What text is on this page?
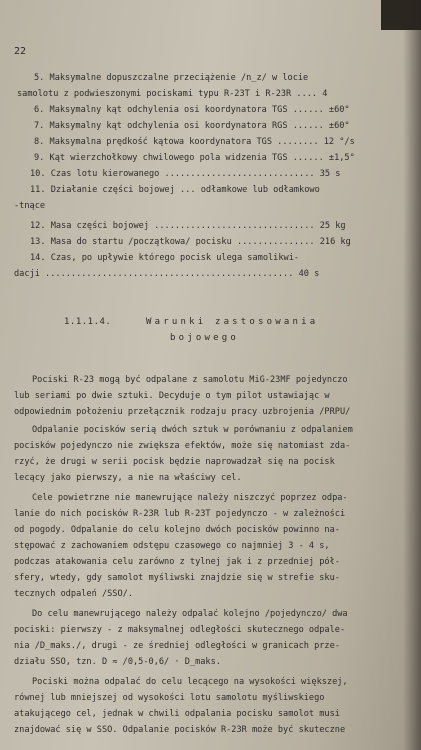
22
5. Maksymalne dopuszczalne przeciążenie /n_z/ w locie
samolotu z podwieszonymi pociskami typu R-23T i R-23R .... 4
6. Maksymalny kąt odchylenia osi koordynatora TGS ...... ±60°
7. Maksymalny kąt odchylenia osi koordynatora RGS ...... ±60°
8. Maksymalna prędkość kątowa koordynatora TGS ........ 12 °/s
9. Kąt wierzchołkowy chwilowego pola widzenia TGS ...... ±1,5°
10. Czas lotu kierowanego ............................. 35 s
11. Działanie części bojowej ... odłamkowe lub odłamkowo
-tnące
12. Masa części bojowej ............................... 25 kg
13. Masa do startu /początkowa/ pocisku ............... 216 kg
14. Czas, po upływie którego pocisk ulega samolikwi-
dacji ................................................ 40 s
1.1.1.4.	Warunki zastosowania
bojowego
Pociski R-23 mogą być odpalane z samolotu MiG-23MF pojedynczo
lub seriami po dwie sztuki. Decyduje o tym pilot ustawiając w
odpowiednim położeniu przełącznik rodzaju pracy uzbrojenia /PRPU/
Odpalanie pocisków serią dwóch sztuk w porównaniu z odpalaniem
pocisków pojedynczo nie zwiększa efektów, może się natomiast zda-
rzyć, że drugi w serii pocisk będzie naprowadzał się na pocisk
lecący jako pierwszy, a nie na właściwy cel.
Cele powietrzne nie manewrujące należy niszczyć poprzez odpa-
lanie do nich pocisków R-23R lub R-23T pojedynczo - w zależności
od pogody. Odpalanie do celu kolejno dwóch pocisków powinno na-
stępować z zachowaniem odstępu czasowego co najmniej 3 - 4 s,
podczas atakowania celu zarówno z tylnej jak i z przedniej pół-
sfery, wtedy, gdy samolot myśliwski znajdzie się w strefie sku-
tecznych odpaleń /SSO/.
Do celu manewrującego należy odpalać kolejno /pojedynczo/ dwa
pociski: pierwszy - z maksymalnej odległości skutecznego odpale-
nia /D_maks./, drugi - ze średniej odległości w granicach prze-
działu SSO, tzn. D ≈ /0,5-0,6/ · D_maks.
Pociski można odpalać do celu lecącego na wysokości większej,
równej lub mniejszej od wysokości lotu samolotu myśliwskiego
atakującego cel, jednak w chwili odpalania pocisku samolot musi
znajdować się w SSO. Odpalanie pocisków R-23R może być skuteczne
